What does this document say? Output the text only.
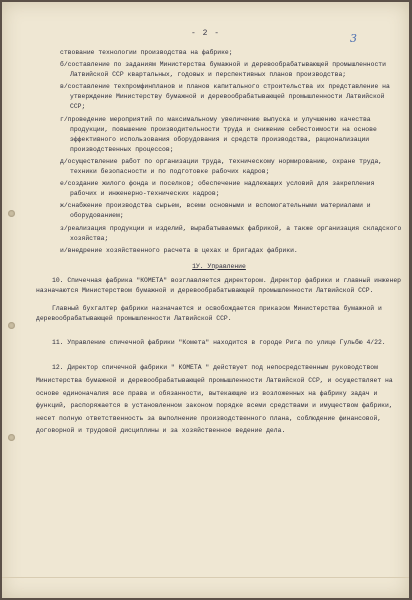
- 2 -	3
ствование технологии производства на фабрике;
б/составление по заданиям Министерства бумажной и деревообрабатывающей промышленности Латвийской ССР квартальных, годовых и перспективных планов производства;
в/составление техпромфинпланов и планов капитального строительства их представление на утверждение Министерству бумажной и деревообрабатывающей промышленности Латвийской ССР;
г/проведение мероприятий по максимальному увеличению выпуска и улучшению качества продукции, повышение производительности труда и снижение себестоимости на основе эффективного использования оборудования и средств производства, рационализации производственных процессов;
д/осуществление работ по организации труда, техническому нормированию, охране труда, техники безопасности и по подготовке рабочих кадров;
е/создание жилого фонда и поселков; обеспечение надлежащих условий для закрепления рабочих и инженерно-технических кадров;
ж/снабжение производства сырьем, всеми основными и вспомогательными материалами и оборудованием;
з/реализация продукции и изделий, вырабатываемых фабрикой, а также организация складского хозяйства;
и/внедрение хозяйственного расчета в цехах и бригадах фабрики.
1У. Управление

10. Спичечная фабрика "КОМЕТА" возглавляется директором. Директор фабрики и главный инженер назначаются Министерством бумажной и деревообрабатывающей промышленности Латвийской ССР.

Главный бухгалтер фабрики назначается и освобождается приказом Министерства бумажной и деревообрабатывающей промышленности Латвийской ССР.

11. Управление спичечной фабрики "Комета" находится в городе Рига по улице Гульбю 4/22.

12. Директор спичечной фабрики " КОМЕТА " действует под непосредственным руководством Министерства бумажной и деревообрабатывающей промышленности Латвийской ССР, и осуществляет на основе единоначалия все права и обязанности, вытекающие из возложенных на фабрику задач и функций, распоряжается в установленном законом порядке всеми средствами и имуществом фабрики, несет полную ответственность за выполнение производственного плана, соблюдение финансовой, договорной и трудовой дисциплины и за хозяйственное ведение дела.
